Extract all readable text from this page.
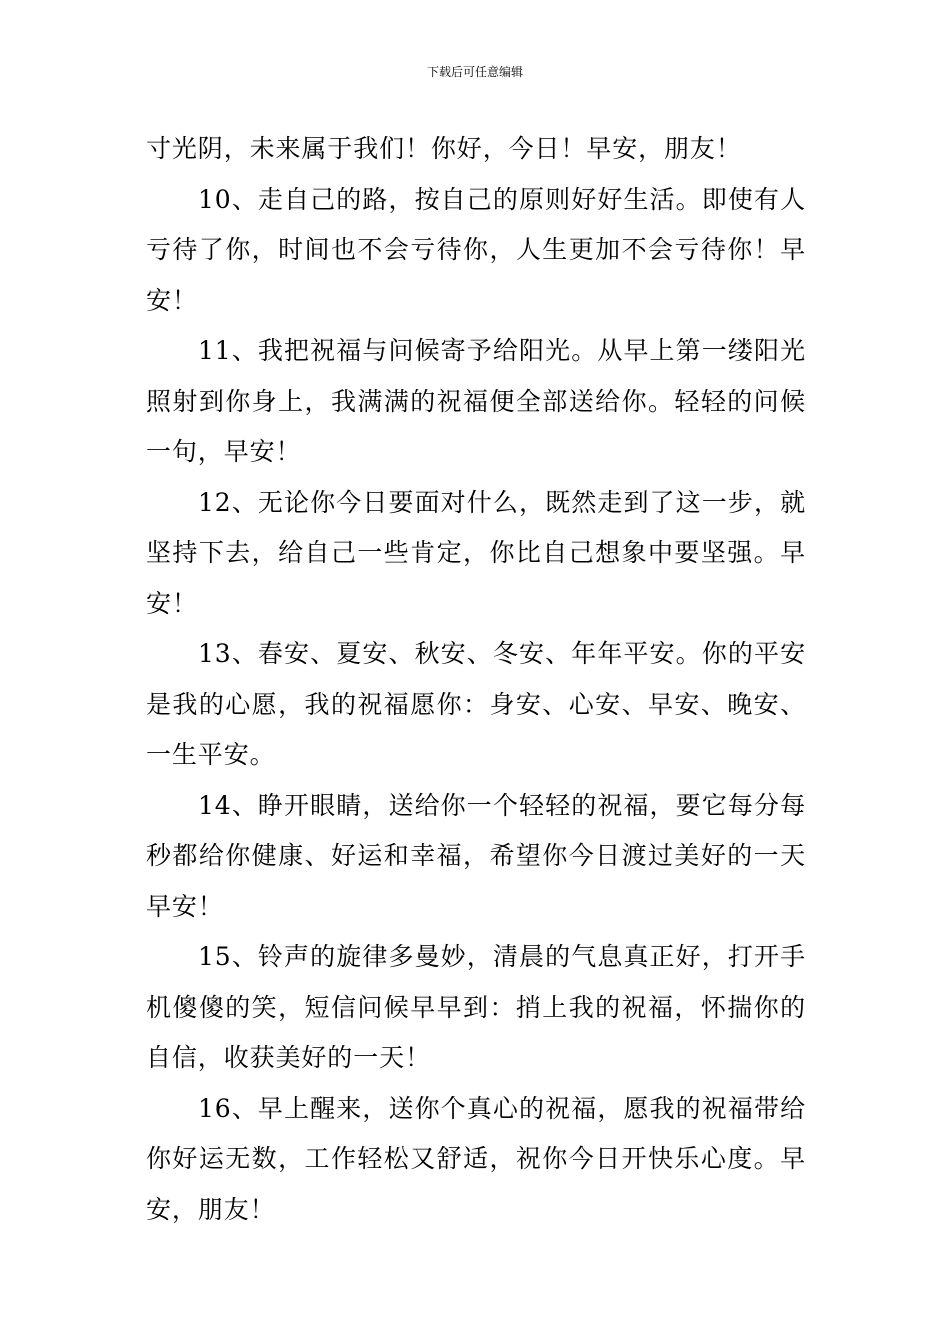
下载后可任意编辑

寸光阴，未来属于我们！你好，今日！早安，朋友！

10、走自己的路，按自己的原则好好生活。即使有人亏待了你，时间也不会亏待你，人生更加不会亏待你！早安！

11、我把祝福与问候寄予给阳光。从早上第一缕阳光照射到你身上，我满满的祝福便全部送给你。轻轻的问候一句，早安！

12、无论你今日要面对什么，既然走到了这一步，就坚持下去，给自己一些肯定，你比自己想象中要坚强。早安！

13、春安、夏安、秋安、冬安、年年平安。你的平安是我的心愿，我的祝福愿你：身安、心安、早安、晚安、一生平安。

14、睁开眼睛，送给你一个轻轻的祝福，要它每分每秒都给你健康、好运和幸福，希望你今日渡过美好的一天早安！

15、铃声的旋律多曼妙，清晨的气息真正好，打开手机傻傻的笑，短信问候早早到：捎上我的祝福，怀揣你的自信，收获美好的一天！

16、早上醒来，送你个真心的祝福，愿我的祝福带给你好运无数，工作轻松又舒适，祝你今日开快乐心度。早安，朋友！
